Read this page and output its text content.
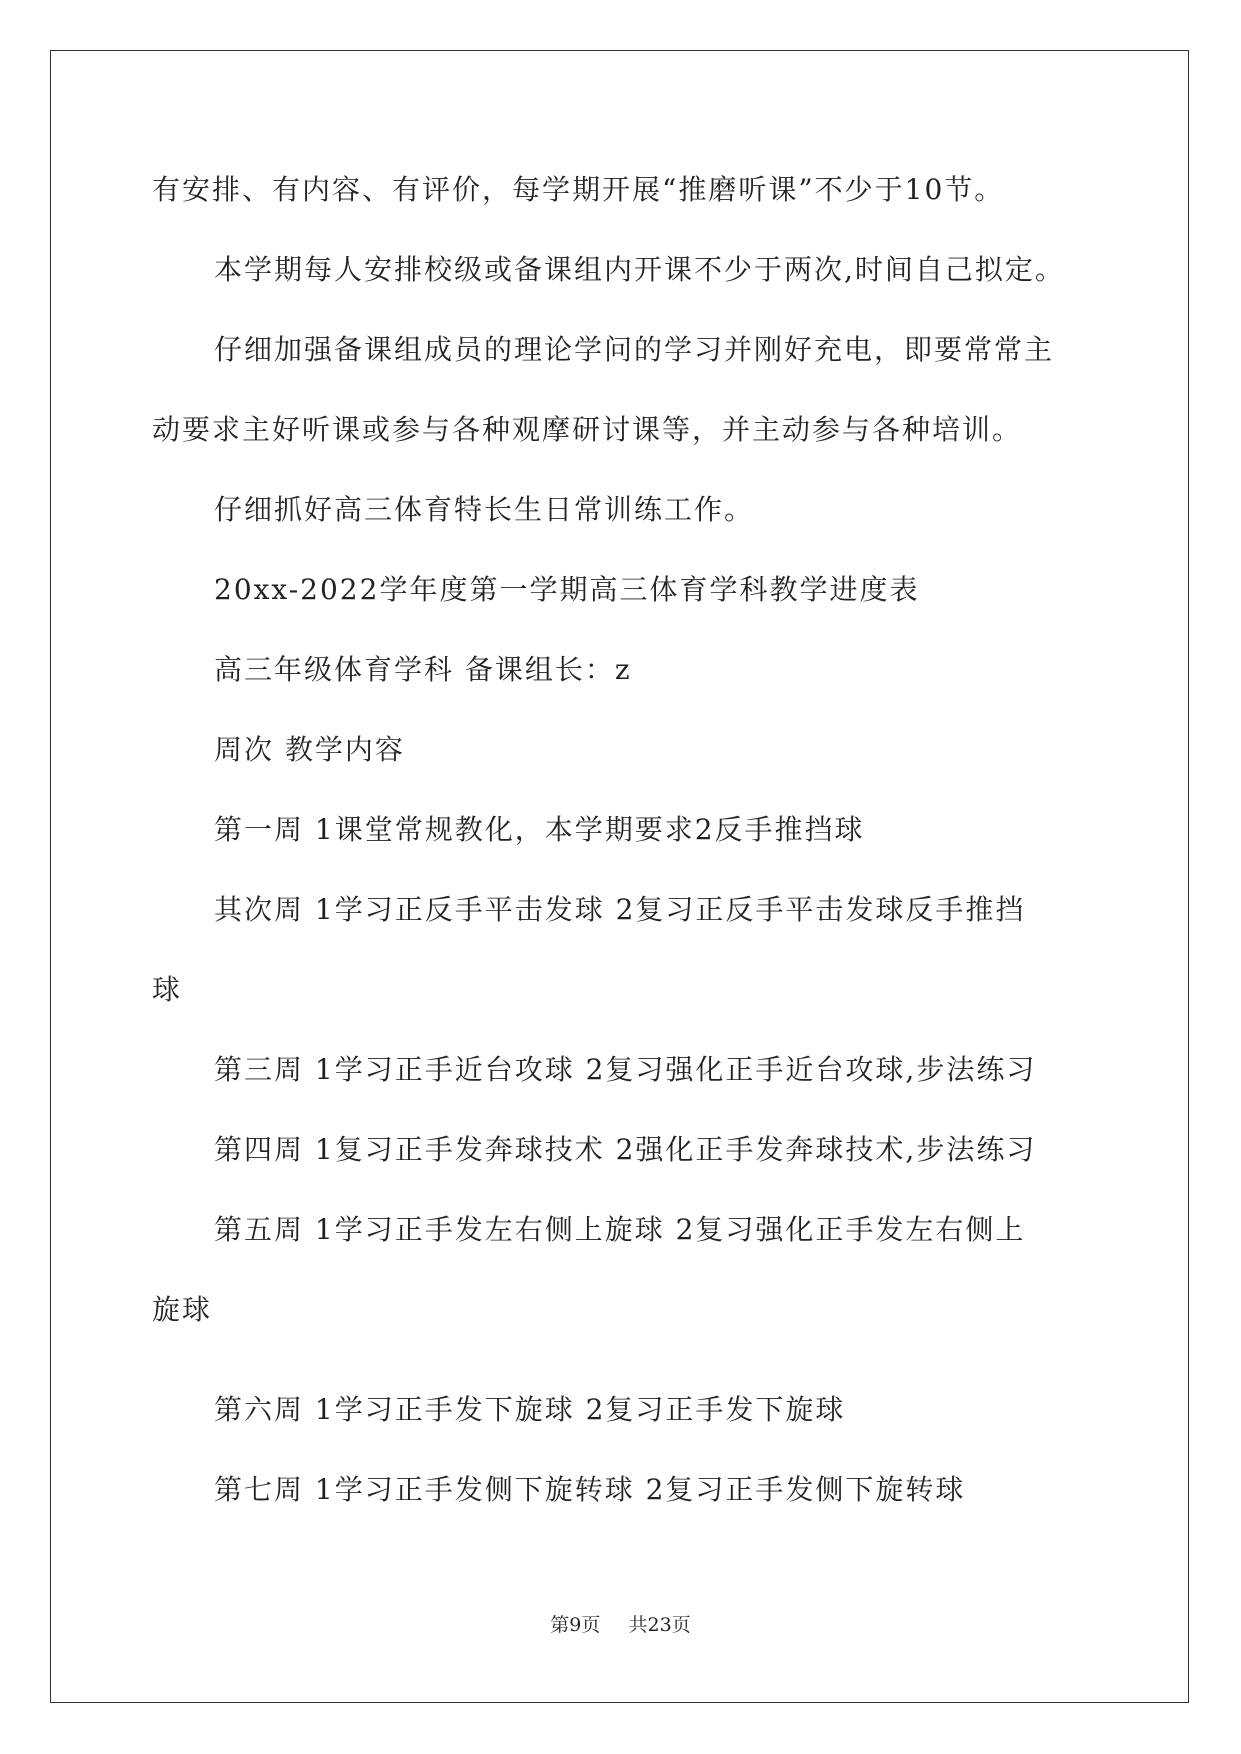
有安排、有内容、有评价，每学期开展“推磨听课”不少于10节。
本学期每人安排校级或备课组内开课不少于两次,时间自己拟定。
仔细加强备课组成员的理论学问的学习并刚好充电，即要常常主
动要求主好听课或参与各种观摩研讨课等，并主动参与各种培训。
仔细抓好高三体育特长生日常训练工作。
20xx-2022学年度第一学期高三体育学科教学进度表
高三年级体育学科 备课组长：z
周次 教学内容
第一周 1课堂常规教化，本学期要求2反手推挡球
其次周 1学习正反手平击发球 2复习正反手平击发球反手推挡
球
第三周 1学习正手近台攻球 2复习强化正手近台攻球,步法练习
第四周 1复习正手发奔球技术 2强化正手发奔球技术,步法练习
第五周 1学习正手发左右侧上旋球 2复习强化正手发左右侧上
旋球
第六周 1学习正手发下旋球 2复习正手发下旋球
第七周 1学习正手发侧下旋转球 2复习正手发侧下旋转球
第9页 共23页
